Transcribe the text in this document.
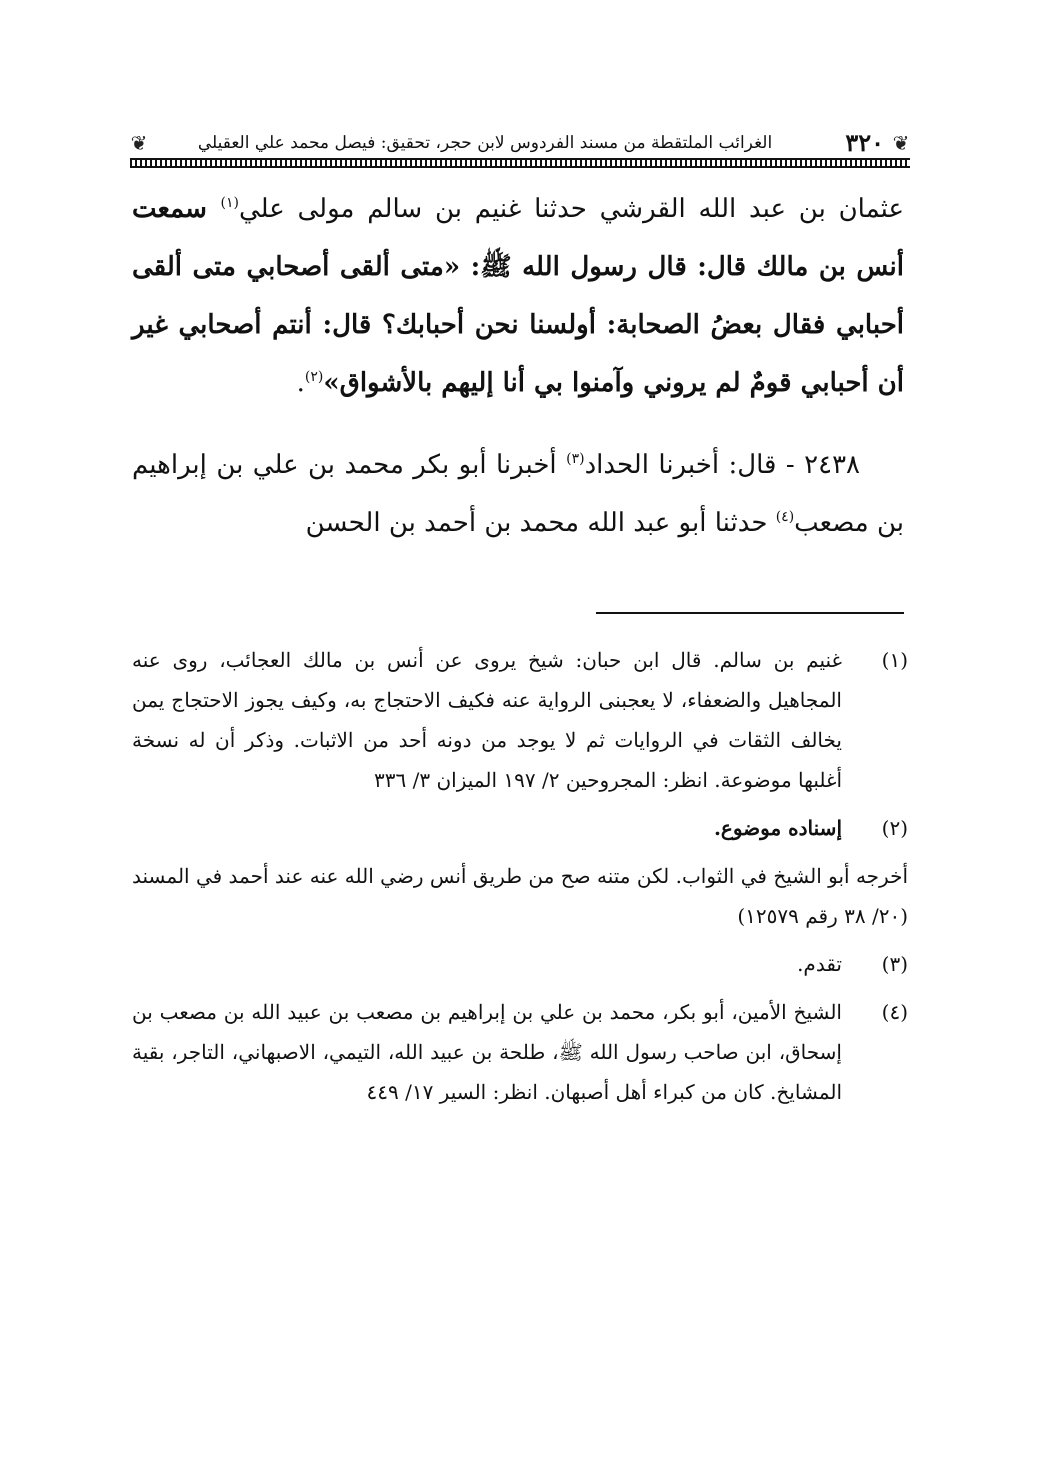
❦
٣٢٠
الغرائب الملتقطة من مسند الفردوس لابن حجر، تحقيق: فيصل محمد علي العقيلي
❦

عثمان بن عبد الله القرشي حدثنا غنيم بن سالم مولى علي$^{(١)}$ سمعت أنس بن مالك قال: قال رسول الله ﷺ: «متى ألقى أصحابي متى ألقى أحبابي فقال بعضُ الصحابة: أولسنا نحن أحبابك؟ قال: أنتم أصحابي غير أن أحبابي قومٌ لم يروني وآمنوا بي أنا إليهم بالأشواق»$^{(٢)}$.

٢٤٣٨ - قال: أخبرنا الحداد$^{(٣)}$ أخبرنا أبو بكر محمد بن علي بن إبراهيم بن مصعب$^{(٤)}$ حدثنا أبو عبد الله محمد بن أحمد بن الحسن

(١)
غنيم بن سالم. قال ابن حبان: شيخ يروى عن أنس بن مالك العجائب، روى عنه المجاهيل والضعفاء، لا يعجبنى الرواية عنه فكيف الاحتجاج به، وكيف يجوز الاحتجاج يمن يخالف الثقات في الروايات ثم لا يوجد من دونه أحد من الاثبات. وذكر أن له نسخة أغلبها موضوعة. انظر: المجروحين ٢/ ١٩٧ الميزان ٣/ ٣٣٦
(٢)
إسناده موضوع.
أخرجه أبو الشيخ في الثواب. لكن متنه صح من طريق أنس رضي الله عنه عند أحمد في المسند (٢٠/ ٣٨ رقم ١٢٥٧٩)
(٣)
تقدم.
(٤)
الشيخ الأمين، أبو بكر، محمد بن علي بن إبراهيم بن مصعب بن عبيد الله بن مصعب بن إسحاق، ابن صاحب رسول الله ﷺ، طلحة بن عبيد الله، التيمي، الاصبهاني، التاجر، بقية المشايخ. كان من كبراء أهل أصبهان. انظر: السير ١٧/ ٤٤٩
